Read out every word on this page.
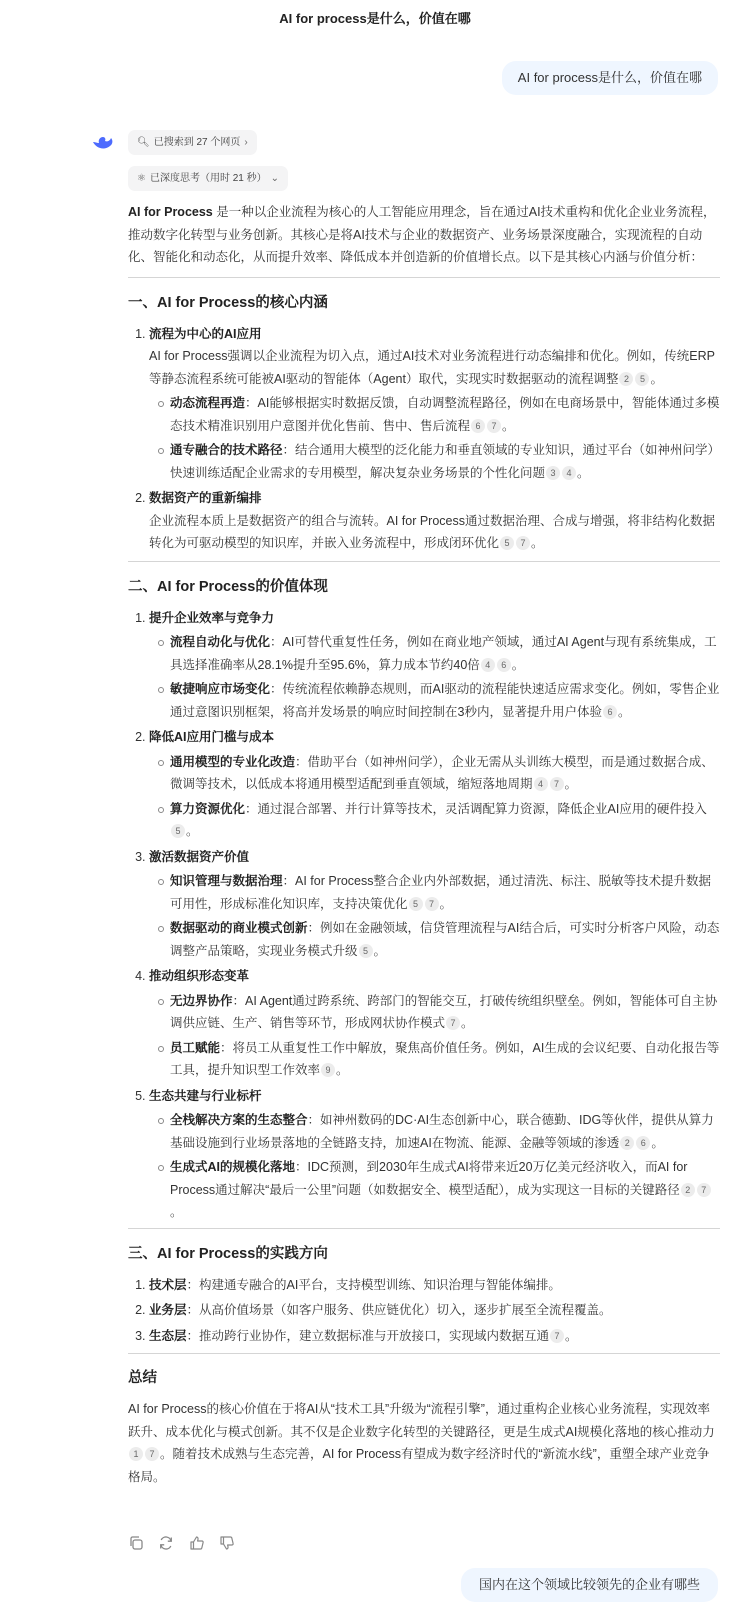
AI for process是什么，价值在哪
AI for process是什么，价值在哪
🔍︎ 已搜索到 27 个网页 ›
⚛ 已深度思考（用时 21 秒） ⌄

AI for Process 是一种以企业流程为核心的人工智能应用理念，旨在通过AI技术重构和优化企业业务流程，推动数字化转型与业务创新。其核心是将AI技术与企业的数据资产、业务场景深度融合，实现流程的自动化、智能化和动态化，从而提升效率、降低成本并创造新的价值增长点。以下是其核心内涵与价值分析：

一、AI for Process的核心内涵
1. 流程为中心的AI应用
AI for Process强调以企业流程为切入点，通过AI技术对业务流程进行动态编排和优化。例如，传统ERP等静态流程系统可能被AI驱动的智能体（Agent）取代，实现实时数据驱动的流程调整 2 5 。
动态流程再造：AI能够根据实时数据反馈，自动调整流程路径，例如在电商场景中，智能体通过多模态技术精准识别用户意图并优化售前、售中、售后流程 6 7 。
通专融合的技术路径：结合通用大模型的泛化能力和垂直领域的专业知识，通过平台（如神州问学）快速训练适配企业需求的专用模型，解决复杂业务场景的个性化问题 3 4 。
2. 数据资产的重新编排
企业流程本质上是数据资产的组合与流转。AI for Process通过数据治理、合成与增强，将非结构化数据转化为可驱动模型的知识库，并嵌入业务流程中，形成闭环优化 5 7 。
二、AI for Process的价值体现
1. 提升企业效率与竞争力
流程自动化与优化：AI可替代重复性任务，例如在商业地产领域，通过AI Agent与现有系统集成，工具选择准确率从28.1%提升至95.6%，算力成本节约40倍 4 6 。
敏捷响应市场变化：传统流程依赖静态规则，而AI驱动的流程能快速适应需求变化。例如，零售企业通过意图识别框架，将高并发场景的响应时间控制在3秒内，显著提升用户体验 6 。
2. 降低AI应用门槛与成本
通用模型的专业化改造：借助平台（如神州问学），企业无需从头训练大模型，而是通过数据合成、微调等技术，以低成本将通用模型适配到垂直领域，缩短落地周期 4 7 。
算力资源优化：通过混合部署、并行计算等技术，灵活调配算力资源，降低企业AI应用的硬件投入5 。
3. 激活数据资产价值
知识管理与数据治理：AI for Process整合企业内外部数据，通过清洗、标注、脱敏等技术提升数据可用性，形成标准化知识库，支持决策优化 5 7 。
数据驱动的商业模式创新：例如在金融领域，信贷管理流程与AI结合后，可实时分析客户风险，动态调整产品策略，实现业务模式升级 5 。
4. 推动组织形态变革
无边界协作：AI Agent通过跨系统、跨部门的智能交互，打破传统组织壁垒。例如，智能体可自主协调供应链、生产、销售等环节，形成网状协作模式 7 。
员工赋能：将员工从重复性工作中解放，聚焦高价值任务。例如，AI生成的会议纪要、自动化报告等工具，提升知识型工作效率 9 。
5. 生态共建与行业标杆
全栈解决方案的生态整合：如神州数码的DC·AI生态创新中心，联合德勤、IDG等伙伴，提供从算力基础设施到行业场景落地的全链路支持，加速AI在物流、能源、金融等领域的渗透 2 6 。
生成式AI的规模化落地：IDC预测，到2030年生成式AI将带来近20万亿美元经济收入，而AI for Process通过解决“最后一公里”问题（如数据安全、模型适配），成为实现这一目标的关键路径 2 7。
三、AI for Process的实践方向
1. 技术层：构建通专融合的AI平台，支持模型训练、知识治理与智能体编排。
2. 业务层：从高价值场景（如客户服务、供应链优化）切入，逐步扩展至全流程覆盖。
3. 生态层：推动跨行业协作，建立数据标准与开放接口，实现域内数据互通 7 。
总结

AI for Process的核心价值在于将AI从“技术工具”升级为“流程引擎”，通过重构企业核心业务流程，实现效率跃升、成本优化与模式创新。其不仅是企业数字化转型的关键路径，更是生成式AI规模化落地的核心推动力1 7 。随着技术成熟与生态完善，AI for Process有望成为数字经济时代的“新流水线”，重塑全球产业竞争格局。

国内在这个领域比较领先的企业有哪些
